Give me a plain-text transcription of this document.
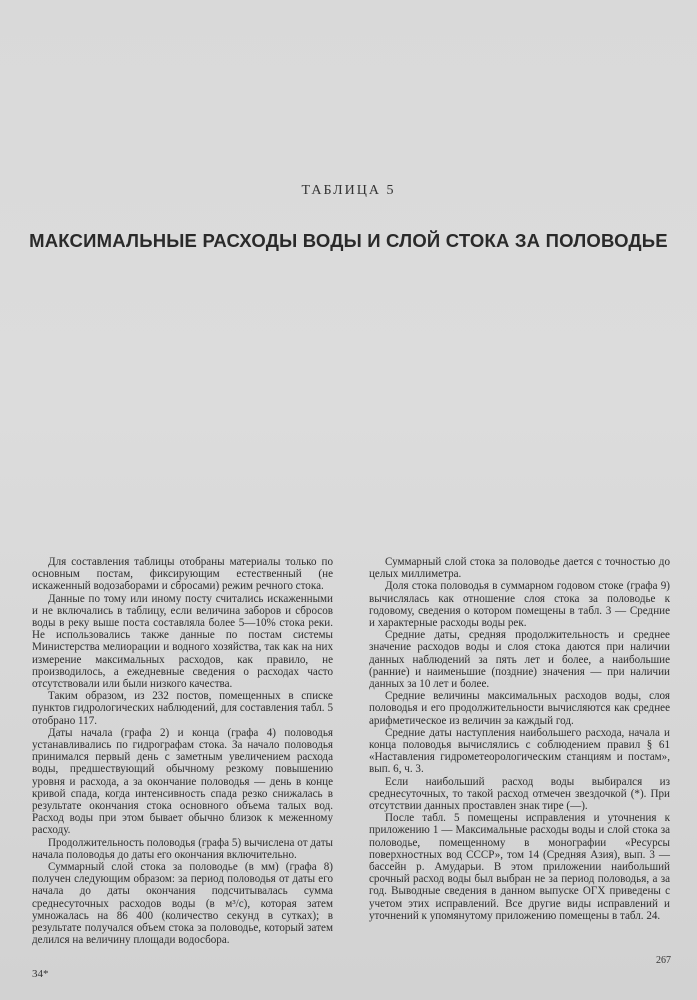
ТАБЛИЦА 5
МАКСИМАЛЬНЫЕ РАСХОДЫ ВОДЫ И СЛОЙ СТОКА ЗА ПОЛОВОДЬЕ

Для составления таблицы отобраны материалы только по основным постам, фиксирующим естественный (не искаженный водозаборами и сбросами) режим речного стока.

Данные по тому или иному посту считались искаженными и не включались в таблицу, если величина заборов и сбросов воды в реку выше поста составляла более 5—10% стока реки. Не использовались также данные по постам системы Министерства мелиорации и водного хозяйства, так как на них измерение максимальных расходов, как правило, не производилось, а ежедневные сведения о расходах часто отсутствовали или были низкого качества.

Таким образом, из 232 постов, помещенных в списке пунктов гидрологических наблюдений, для составления табл. 5 отобрано 117.

Даты начала (графа 2) и конца (графа 4) половодья устанавливались по гидрографам стока. За начало половодья принимался первый день с заметным увеличением расхода воды, предшествующий обычному резкому повышению уровня и расхода, а за окончание половодья — день в конце кривой спада, когда интенсивность спада резко снижалась в результате окончания стока основного объема талых вод. Расход воды при этом бывает обычно близок к меженному расходу.

Продолжительность половодья (графа 5) вычислена от даты начала половодья до даты его окончания включительно.

Суммарный слой стока за половодье (в мм) (графа 8) получен следующим образом: за период половодья от даты его начала до даты окончания подсчитывалась сумма среднесуточных расходов воды (в м³/с), которая затем умножалась на 86 400 (количество секунд в сутках); в результате получался объем стока за половодье, который затем делился на величину площади водосбора.

Суммарный слой стока за половодье дается с точностью до целых миллиметра.

Доля стока половодья в суммарном годовом стоке (графа 9) вычислялась как отношение слоя стока за половодье к годовому, сведения о котором помещены в табл. 3 — Средние и характерные расходы воды рек.

Средние даты, средняя продолжительность и среднее значение расходов воды и слоя стока даются при наличии данных наблюдений за пять лет и более, а наибольшие (ранние) и наименьшие (поздние) значения — при наличии данных за 10 лет и более.

Средние величины максимальных расходов воды, слоя половодья и его продолжительности вычисляются как среднее арифметическое из величин за каждый год.

Средние даты наступления наибольшего расхода, начала и конца половодья вычислялись с соблюдением правил § 61 «Наставления гидрометеорологическим станциям и постам», вып. 6, ч. 3.

Если наибольший расход воды выбирался из среднесуточных, то такой расход отмечен звездочкой (*). При отсутствии данных проставлен знак тире (—).

После табл. 5 помещены исправления и уточнения к приложению 1 — Максимальные расходы воды и слой стока за половодье, помещенному в монографии «Ресурсы поверхностных вод СССР», том 14 (Средняя Азия), вып. 3 — бассейн р. Амударьи. В этом приложении наибольший срочный расход воды был выбран не за период половодья, а за год. Выводные сведения в данном выпуске ОГХ приведены с учетом этих исправлений. Все другие виды исправлений и уточнений к упомянутому приложению помещены в табл. 24.

34*
267
